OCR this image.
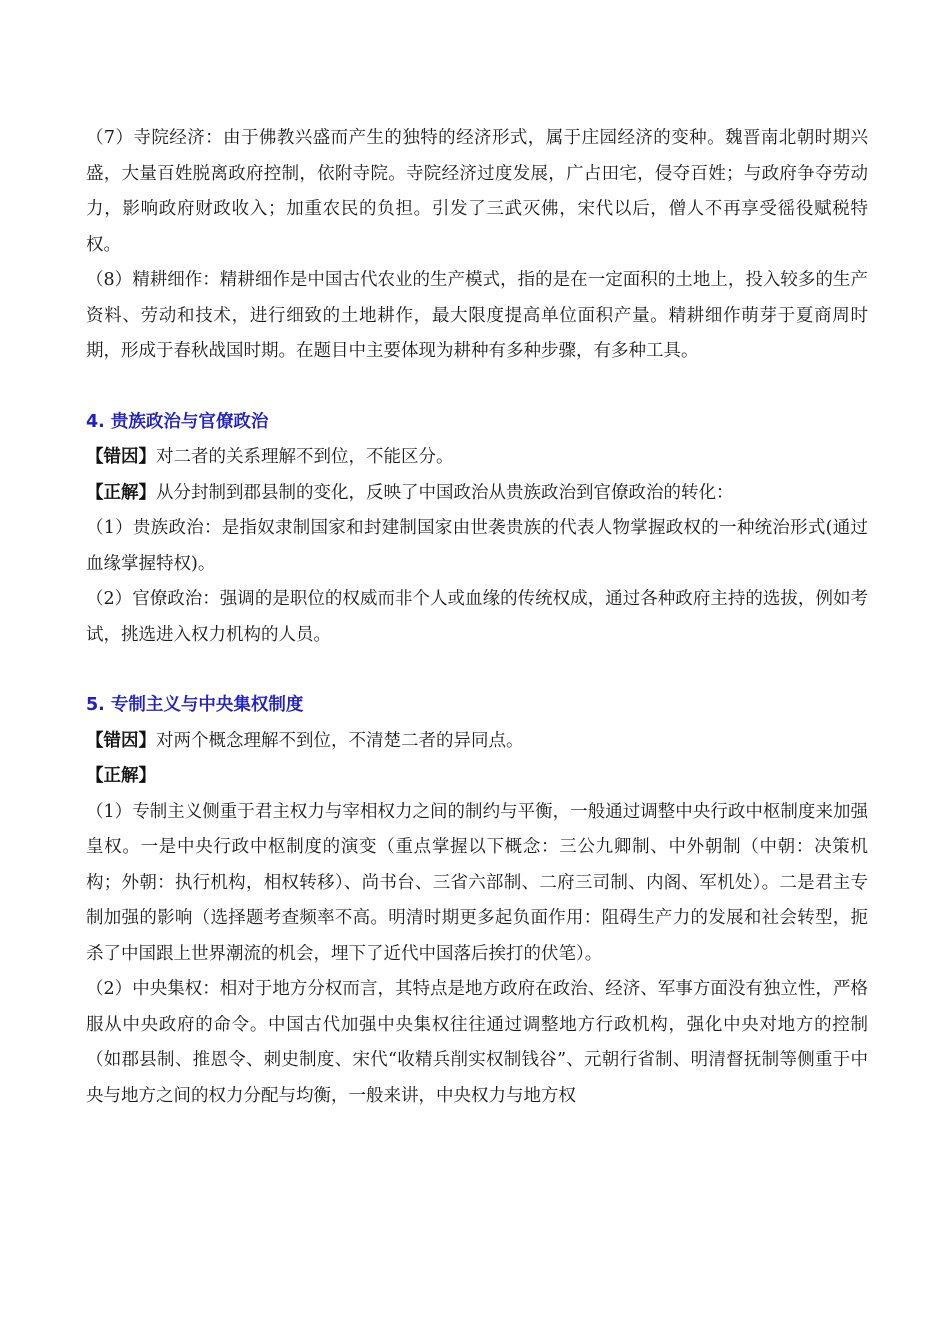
（7）寺院经济：由于佛教兴盛而产生的独特的经济形式，属于庄园经济的变种。魏晋南北朝时期兴盛，大量百姓脱离政府控制，依附寺院。寺院经济过度发展，广占田宅，侵夺百姓；与政府争夺劳动力，影响政府财政收入；加重农民的负担。引发了三武灭佛，宋代以后，僧人不再享受徭役赋税特权。

（8）精耕细作：精耕细作是中国古代农业的生产模式，指的是在一定面积的土地上，投入较多的生产资料、劳动和技术，进行细致的土地耕作，最大限度提高单位面积产量。精耕细作萌芽于夏商周时期，形成于春秋战国时期。在题目中主要体现为耕种有多种步骤，有多种工具。

4. 贵族政治与官僚政治

【错因】对二者的关系理解不到位，不能区分。

【正解】从分封制到郡县制的变化，反映了中国政治从贵族政治到官僚政治的转化：

（1）贵族政治：是指奴隶制国家和封建制国家由世袭贵族的代表人物掌握政权的一种统治形式(通过血缘掌握特权)。

（2）官僚政治：强调的是职位的权威而非个人或血缘的传统权成，通过各种政府主持的选拔，例如考试，挑选进入权力机构的人员。

5. 专制主义与中央集权制度

【错因】对两个概念理解不到位，不清楚二者的异同点。

【正解】

（1）专制主义侧重于君主权力与宰相权力之间的制约与平衡，一般通过调整中央行政中枢制度来加强皇权。一是中央行政中枢制度的演变（重点掌握以下概念：三公九卿制、中外朝制（中朝：决策机构；外朝：执行机构，相权转移）、尚书台、三省六部制、二府三司制、内阁、军机处）。二是君主专制加强的影响（选择题考查频率不高。明清时期更多起负面作用：阻碍生产力的发展和社会转型，扼杀了中国跟上世界潮流的机会，埋下了近代中国落后挨打的伏笔）。

（2）中央集权：相对于地方分权而言，其特点是地方政府在政治、经济、军事方面没有独立性，严格服从中央政府的命令。中国古代加强中央集权往往通过调整地方行政机构，强化中央对地方的控制（如郡县制、推恩令、刺史制度、宋代“收精兵削实权制钱谷”、元朝行省制、明清督抚制等侧重于中央与地方之间的权力分配与均衡，一般来讲，中央权力与地方权
